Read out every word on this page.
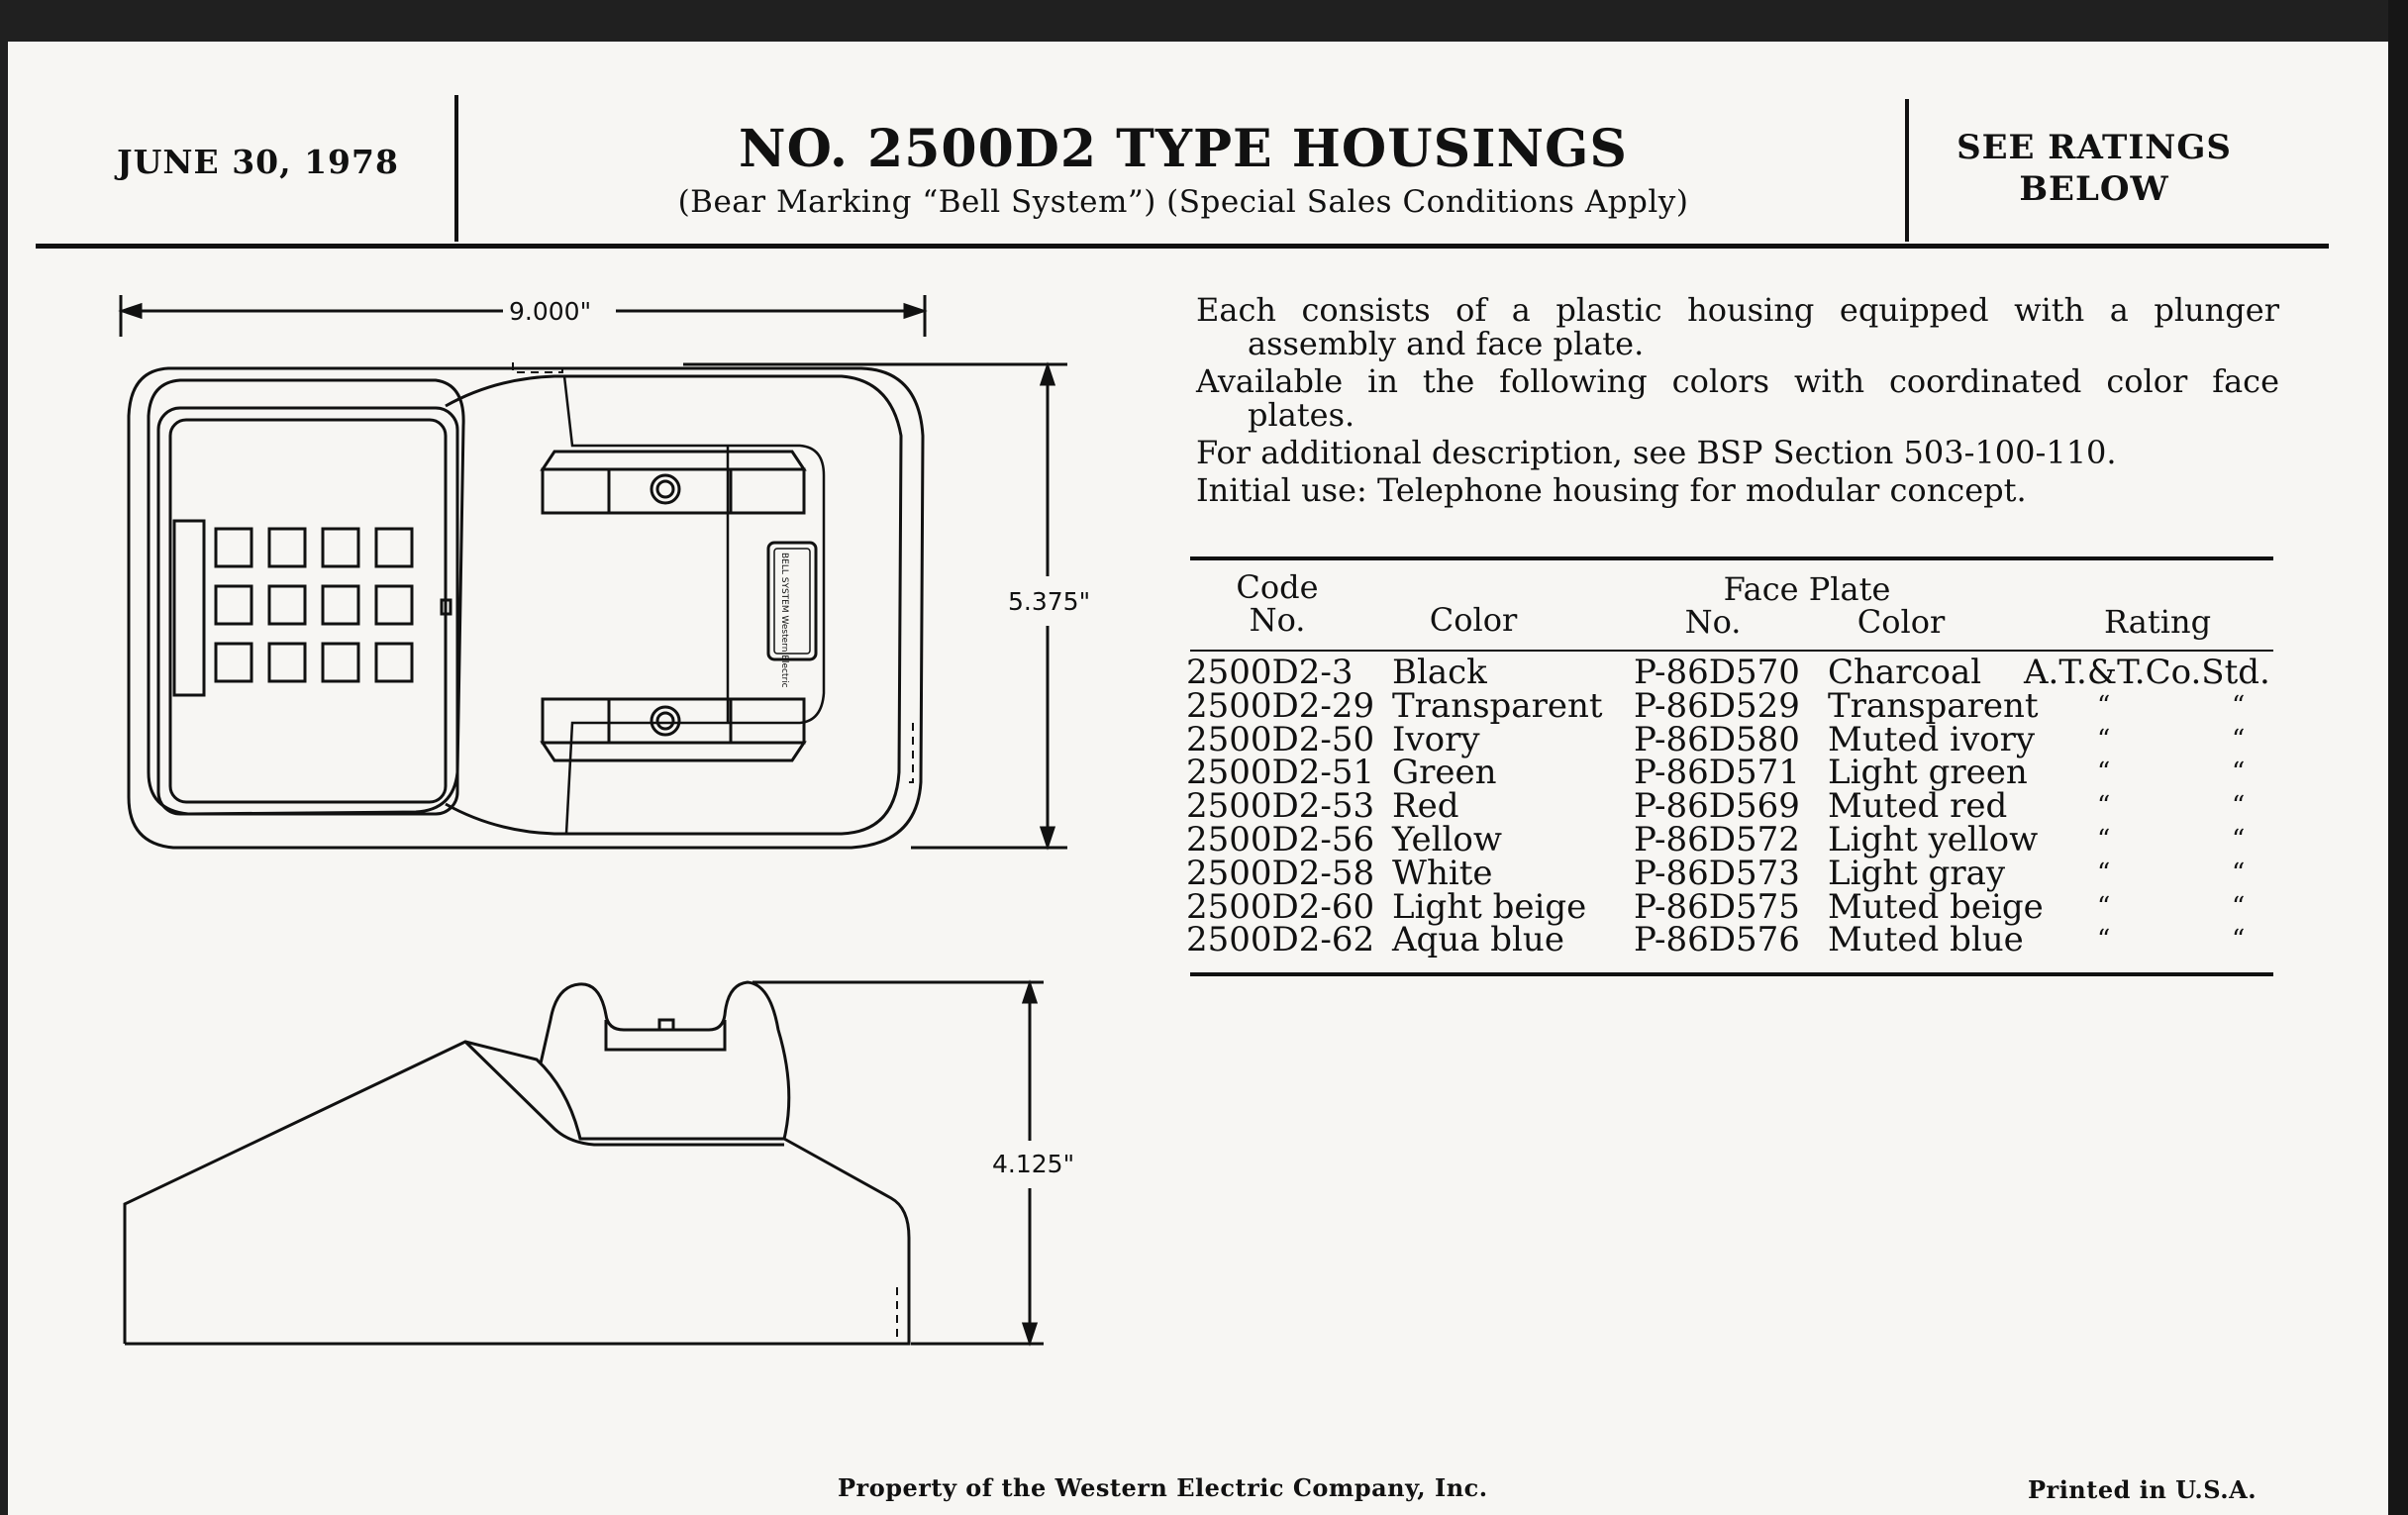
JUNE 30, 1978	NO. 2500D2 TYPE HOUSINGS
(Bear Marking “Bell System”) (Special Sales Conditions Apply)
SEE RATINGS
BELOW
9.000"
5.375"
4.125"
BELL SYSTEM Western Electric

Each consists of a plastic housing equipped with a plunger assembly and face plate.

Available in the following colors with coordinated color face plates.

For additional description, see BSP Section 503-100-110.

Initial use: Telephone housing for modular concept.

Code
No.	Color
Face Plate
No.	Color	Rating
2500D2-3 Black	P-86D570 Charcoal A.T.&T.Co.Std.
2500D2-29 Transparent P-86D529 Transparent “	“
2500D2-50 Ivory	P-86D580 Muted ivory “	“
2500D2-51 Green	P-86D571 Light green	“	“
2500D2-53 Red	P-86D569 Muted red	“	“
2500D2-56 Yellow	P-86D572 Light yellow “	“
2500D2-58 White	P-86D573 Light gray	“	“
2500D2-60 Light beige P-86D575 Muted beige “	“
2500D2-62 Aqua blue P-86D576 Muted blue	“	“
Property of the Western Electric Company, Inc.	Printed in U.S.A.
